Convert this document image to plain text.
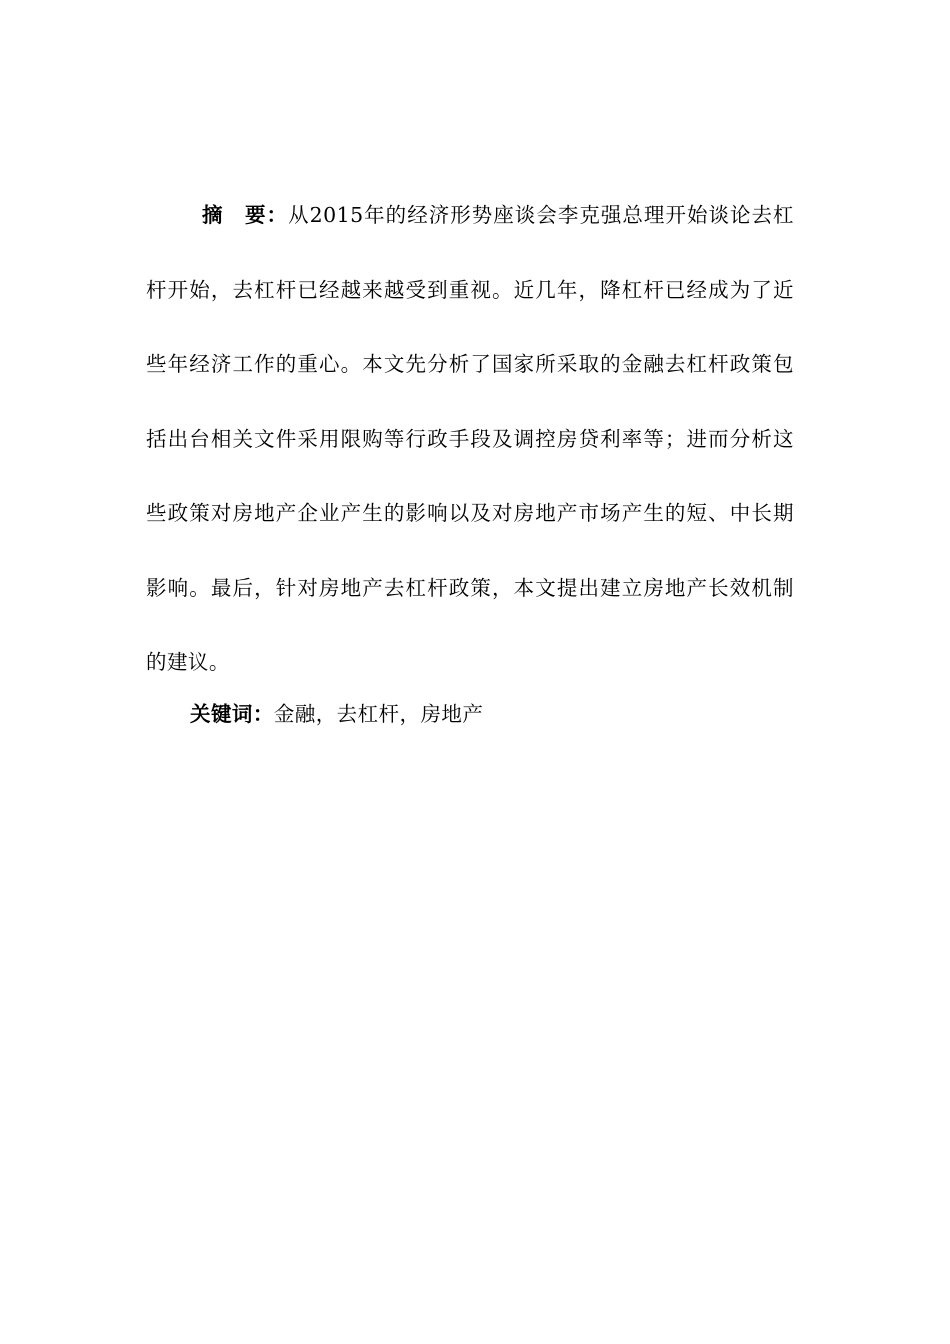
摘　要：从2015年的经济形势座谈会李克强总理开始谈论去杠杆开始，去杠杆已经越来越受到重视。近几年，降杠杆已经成为了近些年经济工作的重心。本文先分析了国家所采取的金融去杠杆政策包括出台相关文件采用限购等行政手段及调控房贷利率等；进而分析这些政策对房地产企业产生的影响以及对房地产市场产生的短、中长期影响。最后，针对房地产去杠杆政策，本文提出建立房地产长效机制的建议。

关键词：金融，去杠杆，房地产
